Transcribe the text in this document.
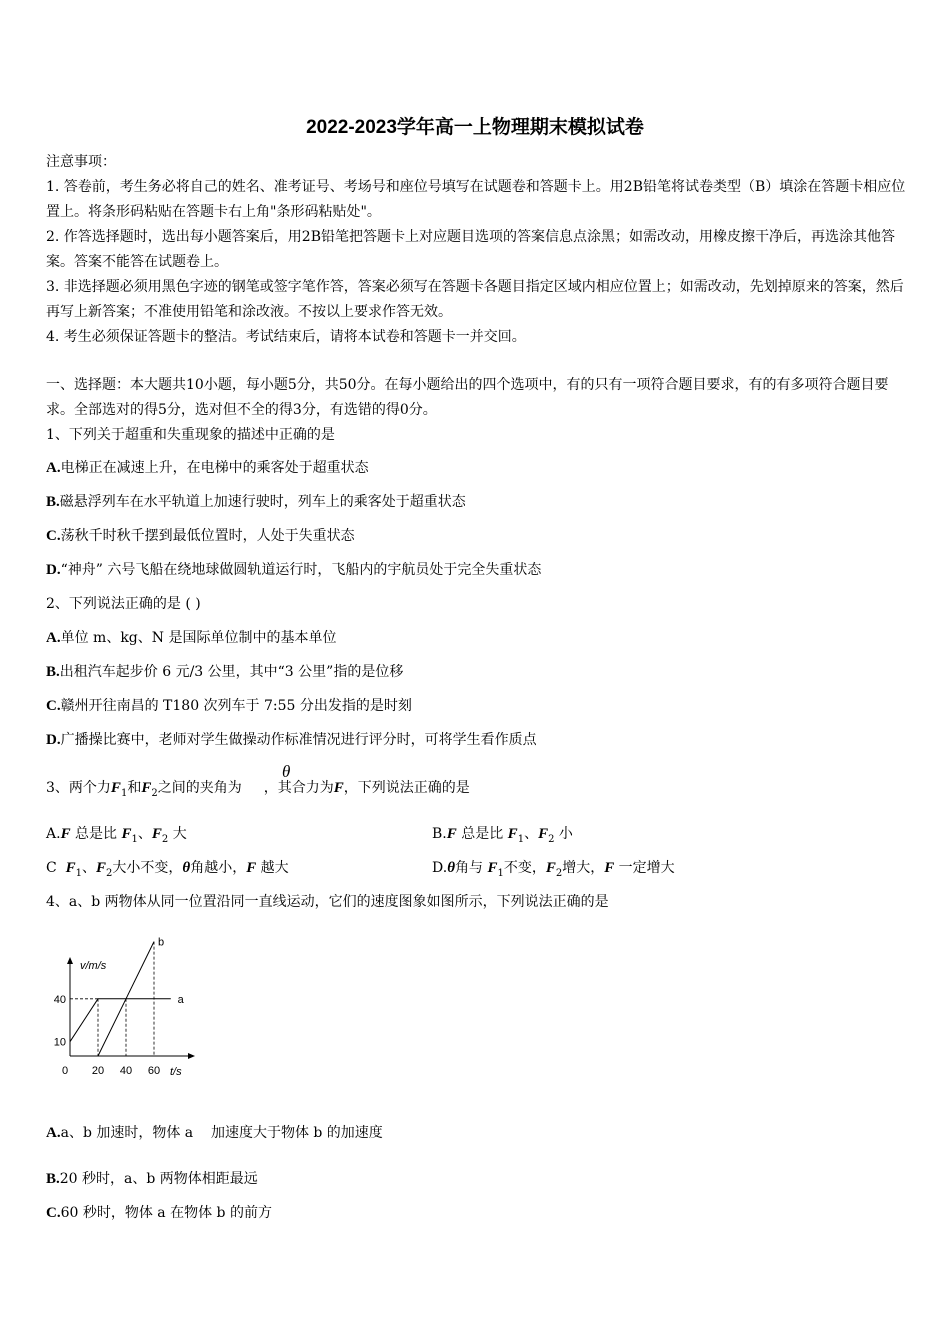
2022-2023学年高一上物理期末模拟试卷

注意事项：

1. 答卷前，考生务必将自己的姓名、准考证号、考场号和座位号填写在试题卷和答题卡上。用2B铅笔将试卷类型（B）填涂在答题卡相应位置上。将条形码粘贴在答题卡右上角"条形码粘贴处"。

2. 作答选择题时，选出每小题答案后，用2B铅笔把答题卡上对应题目选项的答案信息点涂黑；如需改动，用橡皮擦干净后，再选涂其他答案。答案不能答在试题卷上。

3. 非选择题必须用黑色字迹的钢笔或签字笔作答，答案必须写在答题卡各题目指定区域内相应位置上；如需改动，先划掉原来的答案，然后再写上新答案；不准使用铅笔和涂改液。不按以上要求作答无效。

4. 考生必须保证答题卡的整洁。考试结束后，请将本试卷和答题卡一并交回。

一、选择题：本大题共10小题，每小题5分，共50分。在每小题给出的四个选项中，有的只有一项符合题目要求，有的有多项符合题目要求。全部选对的得5分，选对但不全的得3分，有选错的得0分。
1、下列关于超重和失重现象的描述中正确的是
A.电梯正在减速上升，在电梯中的乘客处于超重状态
B.磁悬浮列车在水平轨道上加速行驶时，列车上的乘客处于超重状态
C.荡秋千时秋千摆到最低位置时，人处于失重状态
D.“神舟” 六号飞船在绕地球做圆轨道运行时，飞船内的宇航员处于完全失重状态
2、下列说法正确的是 ( )
A.单位 m、kg、N 是国际单位制中的基本单位
B.出租汽车起步价 6 元/3 公里，其中“3 公里”指的是位移
C.赣州开往南昌的 T180 次列车于 7:55 分出发指的是时刻
D.广播操比赛中，老师对学生做操动作标准情况进行评分时，可将学生看作质点
θ
3、两个力$F_1$和$F_2$之间的夹角为 ，其合力为F，下列说法正确的是
A.F 总是比 $F_1$、$F_2$ 大	B.F 总是比 $F_1$、$F_2$ 小
C  $F_1$、$F_2$大小不变，θ角越小，F 越大	D.θ角与 $F_1$不变，$F_2$增大，F 一定增大
4、a、b 两物体从同一位置沿同一直线运动，它们的速度图象如图所示，下列说法正确的是
a
b
0 20 40 60
10
40
v/m/s
t/s
A.a、b 加速时，物体 a    加速度大于物体 b 的加速度
B.20 秒时，a、b 两物体相距最远
C.60 秒时，物体 a 在物体 b 的前方
